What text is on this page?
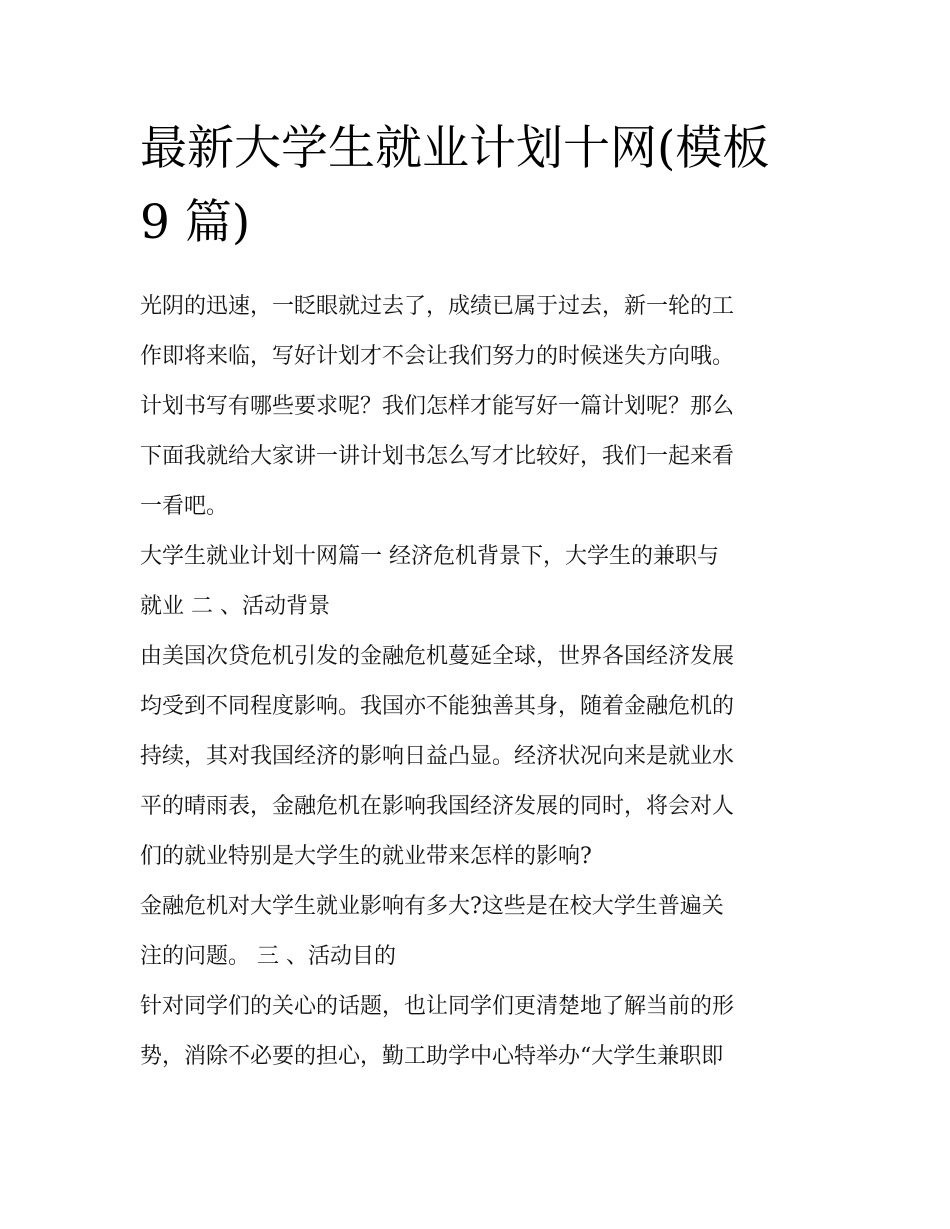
最新大学生就业计划十网(模板
9 篇)

光阴的迅速，一眨眼就过去了，成绩已属于过去，新一轮的工
作即将来临，写好计划才不会让我们努力的时候迷失方向哦。
计划书写有哪些要求呢？我们怎样才能写好一篇计划呢？那么
下面我就给大家讲一讲计划书怎么写才比较好，我们一起来看
一看吧。

大学生就业计划十网篇一 经济危机背景下，大学生的兼职与
就业 二 、活动背景

由美国次贷危机引发的金融危机蔓延全球，世界各国经济发展
均受到不同程度影响。我国亦不能独善其身，随着金融危机的
持续，其对我国经济的影响日益凸显。经济状况向来是就业水
平的晴雨表，金融危机在影响我国经济发展的同时，将会对人
们的就业特别是大学生的就业带来怎样的影响?

金融危机对大学生就业影响有多大?这些是在校大学生普遍关
注的问题。 三 、活动目的

针对同学们的关心的话题，也让同学们更清楚地了解当前的形
势，消除不必要的担心，勤工助学中心特举办“大学生兼职即
